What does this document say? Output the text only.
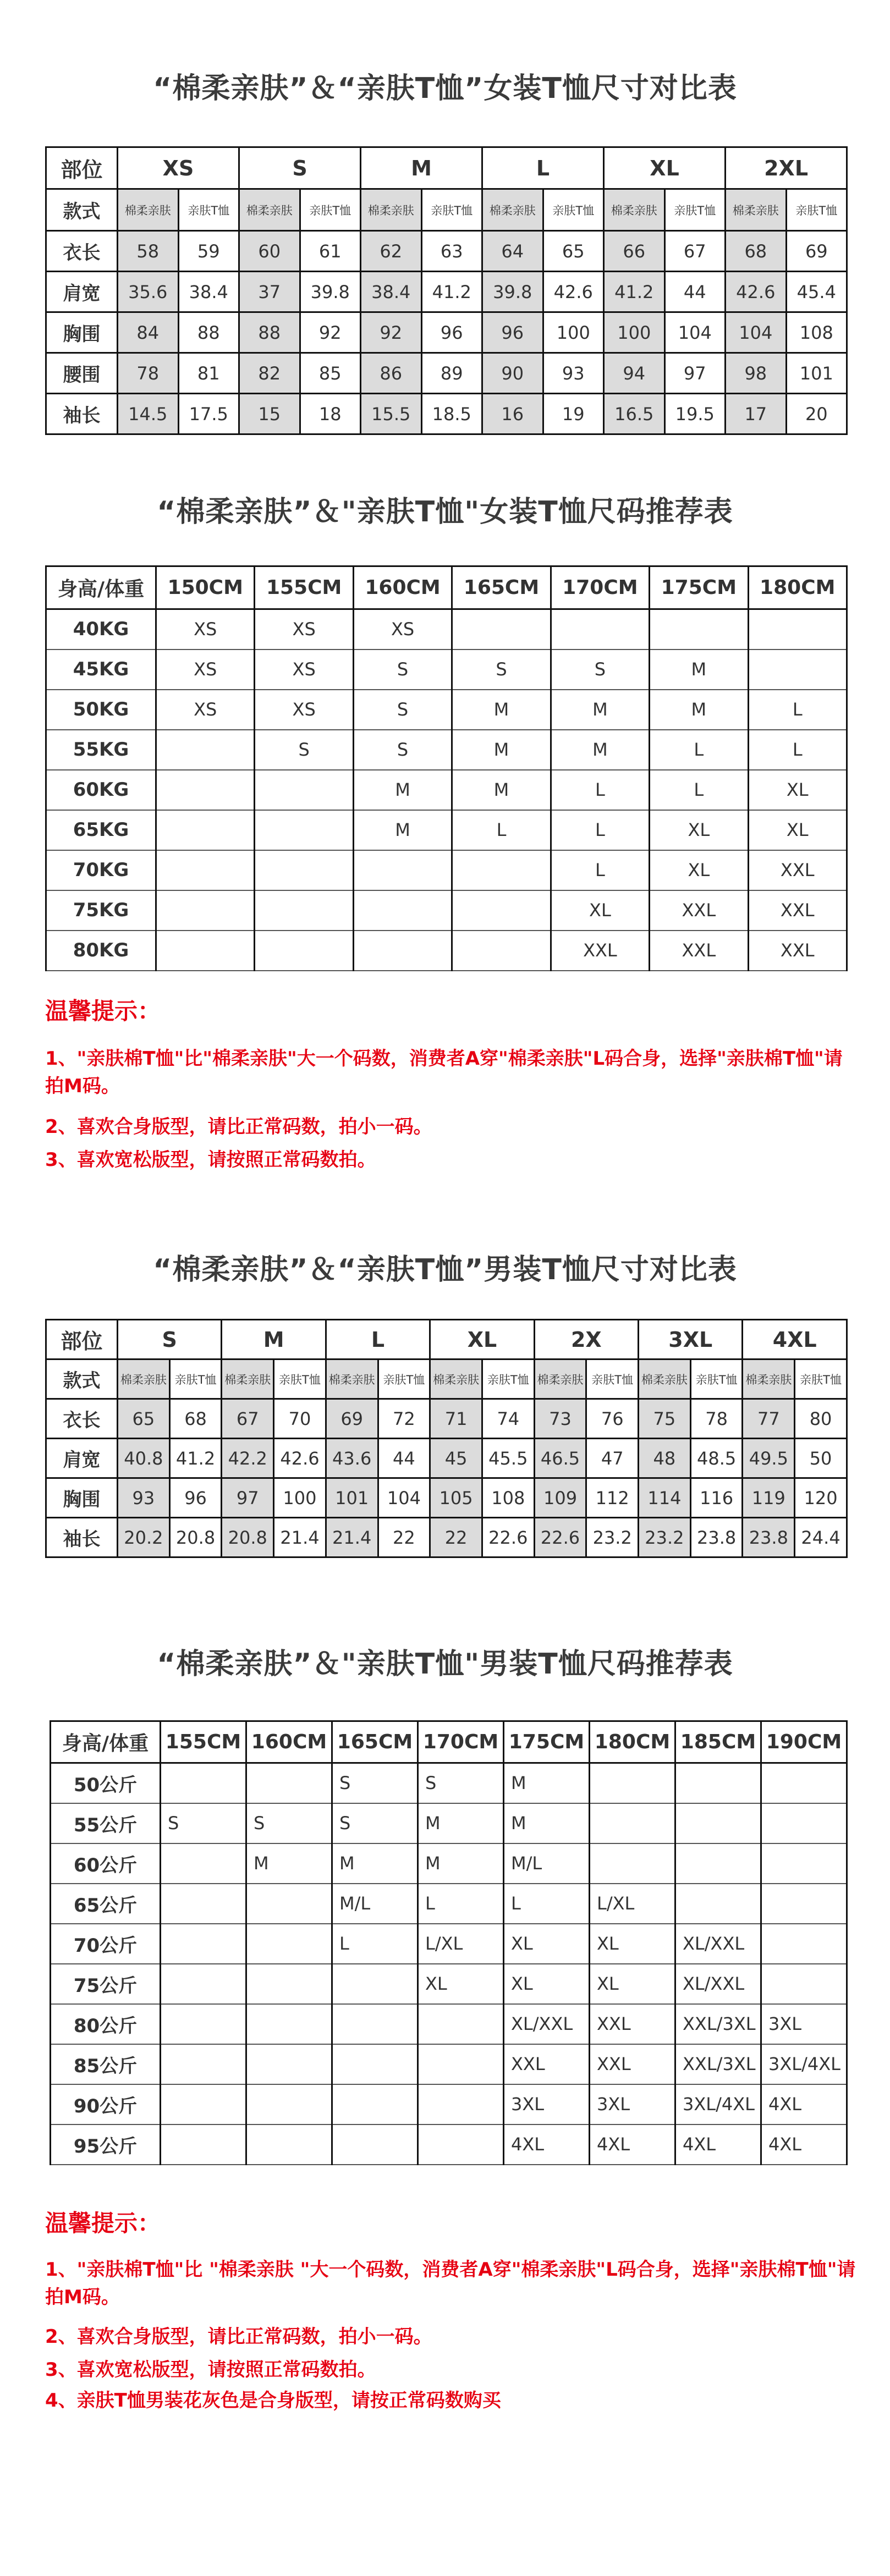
“棉柔亲肤”＆“亲肤T恤”女装T恤尺寸对比表
部位	XS		S		M		L		XL		2XL	
款式	棉柔亲肤	亲肤T恤	棉柔亲肤	亲肤T恤	棉柔亲肤	亲肤T恤	棉柔亲肤	亲肤T恤	棉柔亲肤	亲肤T恤	棉柔亲肤	亲肤T恤
衣长	58	59	60	61	62	63	64	65	66	67	68	69
肩宽	35.6	38.4	37	39.8	38.4	41.2	39.8	42.6	41.2	44	42.6	45.4
胸围	84	88	88	92	92	96	96	100	100	104	104	108
腰围	78	81	82	85	86	89	90	93	94	97	98	101
袖长	14.5	17.5	15	18	15.5	18.5	16	19	16.5	19.5	17	20
“棉柔亲肤”＆"亲肤T恤"女装T恤尺码推荐表
身高/体重	150CM	155CM	160CM	165CM	170CM	175CM	180CM
40KG	XS	XS	XS				
45KG	XS	XS	S	S	S	M	
50KG	XS	XS	S	M	M	M	L
55KG		S	S	M	M	L	L
60KG			M	M	L	L	XL
65KG			M	L	L	XL	XL
70KG					L	XL	XXL
75KG					XL	XXL	XXL
80KG					XXL	XXL	XXL
温馨提示：
1、"亲肤棉T恤"比"棉柔亲肤"大一个码数，消费者A穿"棉柔亲肤"L码合身，选择"亲肤棉T恤"请拍M码。
2、喜欢合身版型，请比正常码数，拍小一码。
3、喜欢宽松版型，请按照正常码数拍。
“棉柔亲肤”＆“亲肤T恤”男装T恤尺寸对比表
部位	S		M		L		XL		2X		3XL		4XL	
款式	棉柔亲肤	亲肤T恤	棉柔亲肤	亲肤T恤	棉柔亲肤	亲肤T恤	棉柔亲肤	亲肤T恤	棉柔亲肤	亲肤T恤	棉柔亲肤	亲肤T恤	棉柔亲肤	亲肤T恤
衣长	65	68	67	70	69	72	71	74	73	76	75	78	77	80
肩宽	40.8	41.2	42.2	42.6	43.6	44	45	45.5	46.5	47	48	48.5	49.5	50
胸围	93	96	97	100	101	104	105	108	109	112	114	116	119	120
袖长	20.2	20.8	20.8	21.4	21.4	22	22	22.6	22.6	23.2	23.2	23.8	23.8	24.4
“棉柔亲肤”＆"亲肤T恤"男装T恤尺码推荐表
身高/体重	155CM	160CM	165CM	170CM	175CM	180CM	185CM	190CM
50公斤			S	S	M			
55公斤	S	S	S	M	M			
60公斤		M	M	M	M/L			
65公斤			M/L	L	L	L/XL		
70公斤			L	L/XL	XL	XL	XL/XXL	
75公斤				XL	XL	XL	XL/XXL	
80公斤					XL/XXL	XXL	XXL/3XL	3XL
85公斤					XXL	XXL	XXL/3XL	3XL/4XL
90公斤					3XL	3XL	3XL/4XL	4XL
95公斤					4XL	4XL	4XL	4XL
温馨提示：
1、"亲肤棉T恤"比 "棉柔亲肤 "大一个码数，消费者A穿"棉柔亲肤"L码合身，选择"亲肤棉T恤"请拍M码。
2、喜欢合身版型，请比正常码数，拍小一码。
3、喜欢宽松版型，请按照正常码数拍。
4、亲肤T恤男装花灰色是合身版型，请按正常码数购买
